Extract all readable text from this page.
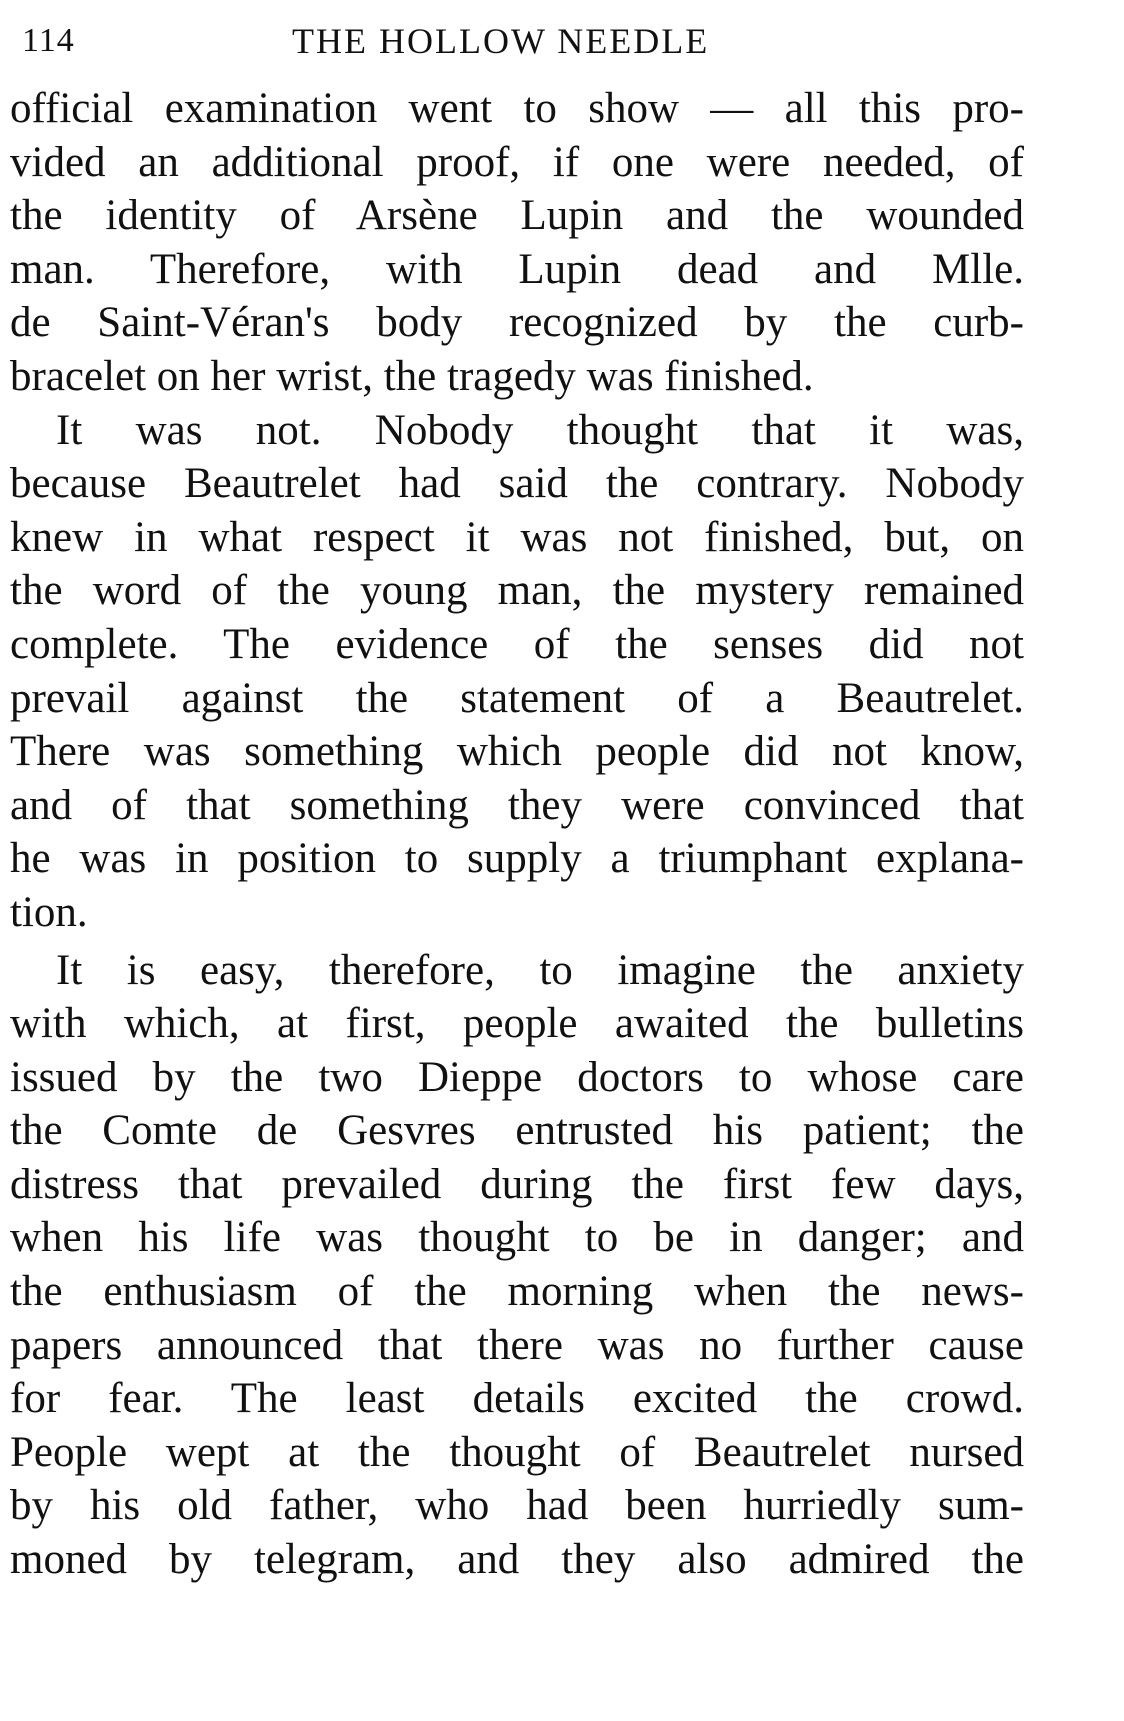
114	THE HOLLOW NEEDLE
official examination went to show — all this pro-
vided an additional proof, if one were needed, of
the identity of Arsène Lupin and the wounded
man. Therefore, with Lupin dead and Mlle.
de Saint-Véran's body recognized by the curb-
bracelet on her wrist, the tragedy was finished.
It was not. Nobody thought that it was,
because Beautrelet had said the contrary. Nobody
knew in what respect it was not finished, but, on
the word of the young man, the mystery remained
complete. The evidence of the senses did not
prevail against the statement of a Beautrelet.
There was something which people did not know,
and of that something they were convinced that
he was in position to supply a triumphant explana-
tion.
It is easy, therefore, to imagine the anxiety
with which, at first, people awaited the bulletins
issued by the two Dieppe doctors to whose care
the Comte de Gesvres entrusted his patient; the
distress that prevailed during the first few days,
when his life was thought to be in danger; and
the enthusiasm of the morning when the news-
papers announced that there was no further cause
for fear. The least details excited the crowd.
People wept at the thought of Beautrelet nursed
by his old father, who had been hurriedly sum-
moned by telegram, and they also admired the
